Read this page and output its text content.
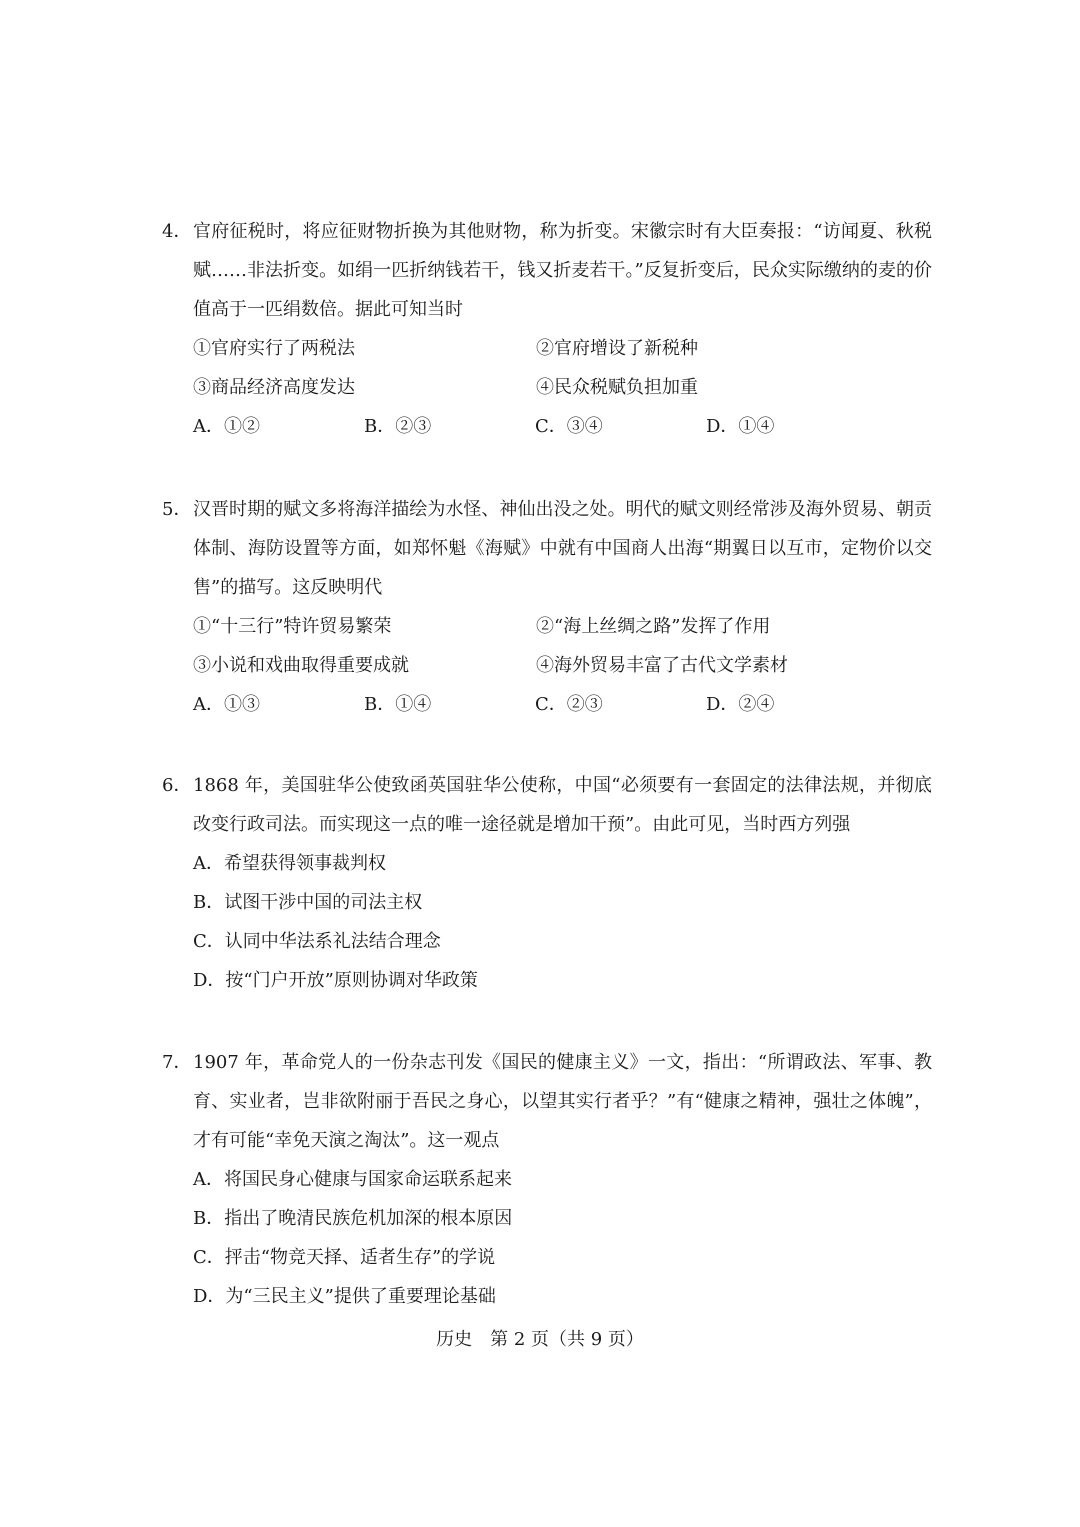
4． 官府征税时，将应征财物折换为其他财物，称为折变。宋徽宗时有大臣奏报：“访闻夏、秋税赋……非法折变。如绢一匹折纳钱若干，钱又折麦若干。”反复折变后，民众实际缴纳的麦的价值高于一匹绢数倍。据此可知当时

①官府实行了两税法	②官府增设了新税种
③商品经济高度发达	④民众税赋负担加重
A．①②	B．②③	C．③④	D．①④

5． 汉晋时期的赋文多将海洋描绘为水怪、神仙出没之处。明代的赋文则经常涉及海外贸易、朝贡体制、海防设置等方面，如郑怀魁《海赋》中就有中国商人出海“期翼日以互市，定物价以交售”的描写。这反映明代

①“十三行”特许贸易繁荣	②“海上丝绸之路”发挥了作用
③小说和戏曲取得重要成就	④海外贸易丰富了古代文学素材
A．①③	B．①④	C．②③	D．②④

6． 1868 年，美国驻华公使致函英国驻华公使称，中国“必须要有一套固定的法律法规，并彻底改变行政司法。而实现这一点的唯一途径就是增加干预”。由此可见，当时西方列强

A．希望获得领事裁判权
B．试图干涉中国的司法主权
C．认同中华法系礼法结合理念
D．按“门户开放”原则协调对华政策

7． 1907 年，革命党人的一份杂志刊发《国民的健康主义》一文，指出：“所谓政法、军事、教育、实业者，岂非欲附丽于吾民之身心，以望其实行者乎？”有“健康之精神，强壮之体魄”，才有可能“幸免天演之淘汰”。这一观点

A．将国民身心健康与国家命运联系起来
B．指出了晚清民族危机加深的根本原因
C．抨击“物竞天择、适者生存”的学说
D．为“三民主义”提供了重要理论基础
历史　第 2 页（共 9 页）
